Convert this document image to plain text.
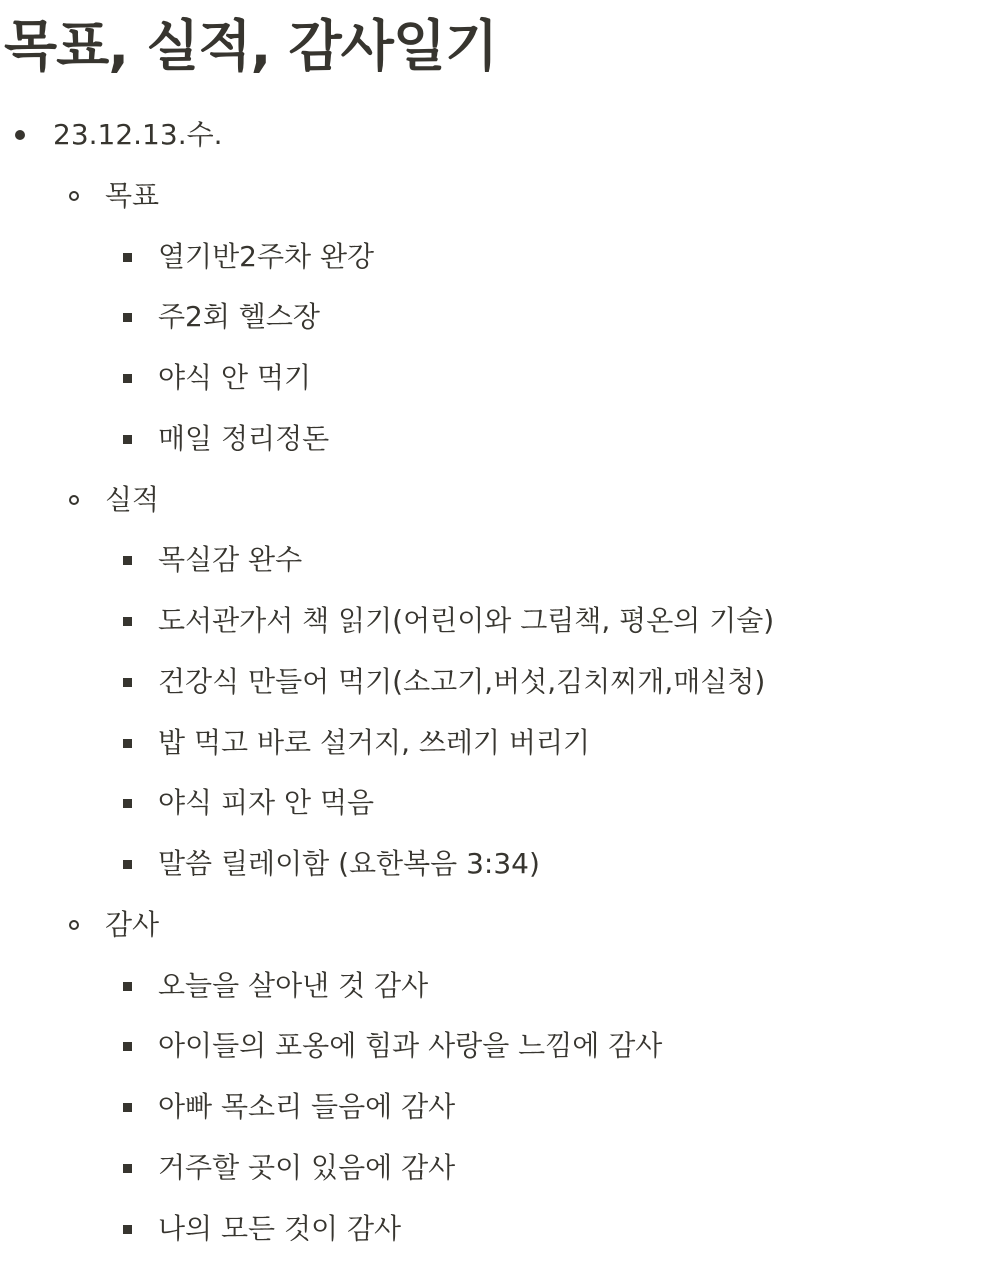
목표, 실적, 감사일기
23.12.13.수.
목표
열기반2주차 완강
주2회 헬스장
야식 안 먹기
매일 정리정돈
실적
목실감 완수
도서관가서 책 읽기(어린이와 그림책, 평온의 기술)
건강식 만들어 먹기(소고기,버섯,김치찌개,매실청)
밥 먹고 바로 설거지, 쓰레기 버리기
야식 피자 안 먹음
말씀 릴레이함 (요한복음 3:34)
감사
오늘을 살아낸 것 감사
아이들의 포옹에 힘과 사랑을 느낌에 감사
아빠 목소리 들음에 감사
거주할 곳이 있음에 감사
나의 모든 것이 감사
